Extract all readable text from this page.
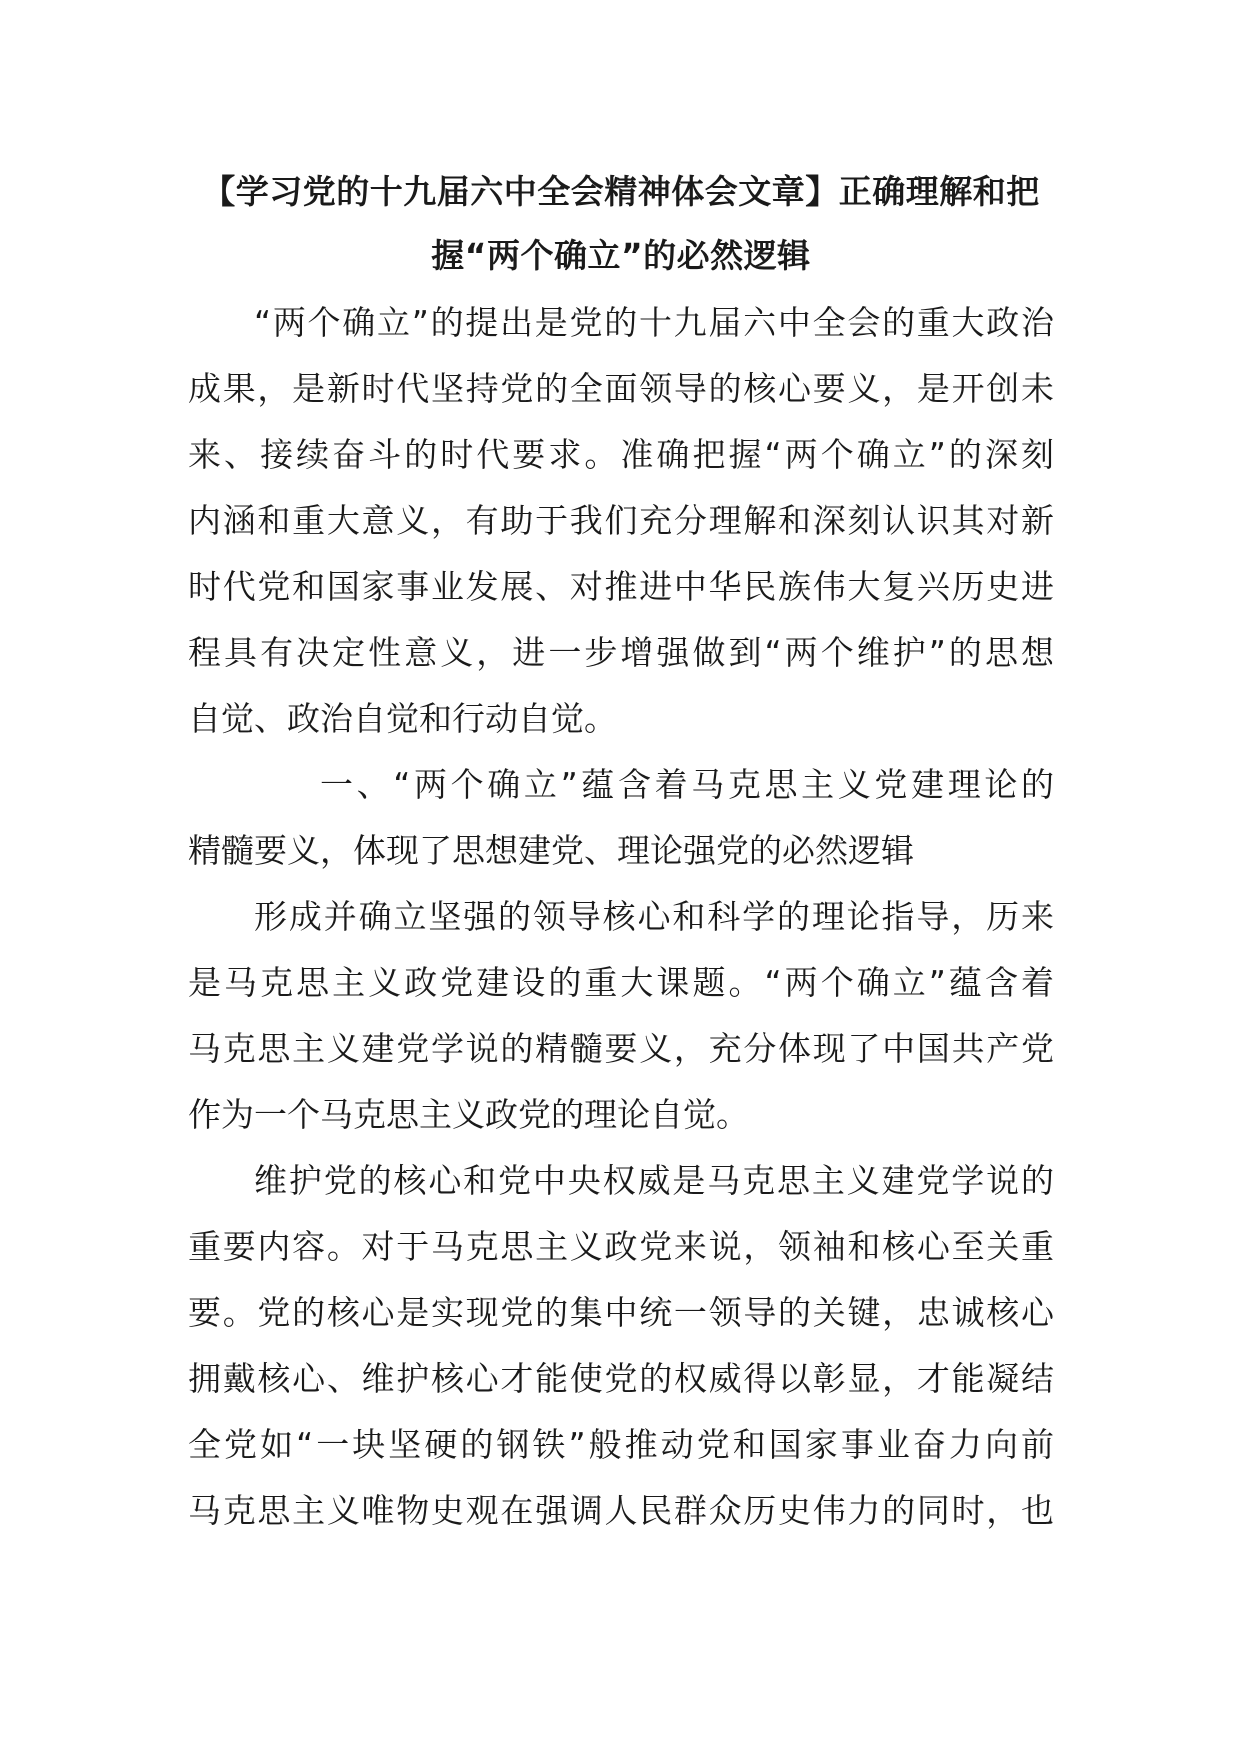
【学习党的十九届六中全会精神体会文章】正确理解和把
握“两个确立”的必然逻辑
“两个确立”的提出是党的十九届六中全会的重大政治
成果，是新时代坚持党的全面领导的核心要义，是开创未
来、接续奋斗的时代要求。准确把握“两个确立”的深刻
内涵和重大意义，有助于我们充分理解和深刻认识其对新
时代党和国家事业发展、对推进中华民族伟大复兴历史进
程具有决定性意义，进一步增强做到“两个维护”的思想
自觉、政治自觉和行动自觉。
一、“两个确立”蕴含着马克思主义党建理论的
精髓要义，体现了思想建党、理论强党的必然逻辑
形成并确立坚强的领导核心和科学的理论指导，历来
是马克思主义政党建设的重大课题。“两个确立”蕴含着
马克思主义建党学说的精髓要义，充分体现了中国共产党
作为一个马克思主义政党的理论自觉。
维护党的核心和党中央权威是马克思主义建党学说的
重要内容。对于马克思主义政党来说，领袖和核心至关重
要。党的核心是实现党的集中统一领导的关键，忠诚核心
拥戴核心、维护核心才能使党的权威得以彰显，才能凝结
全党如“一块坚硬的钢铁”般推动党和国家事业奋力向前
马克思主义唯物史观在强调人民群众历史伟力的同时，也
